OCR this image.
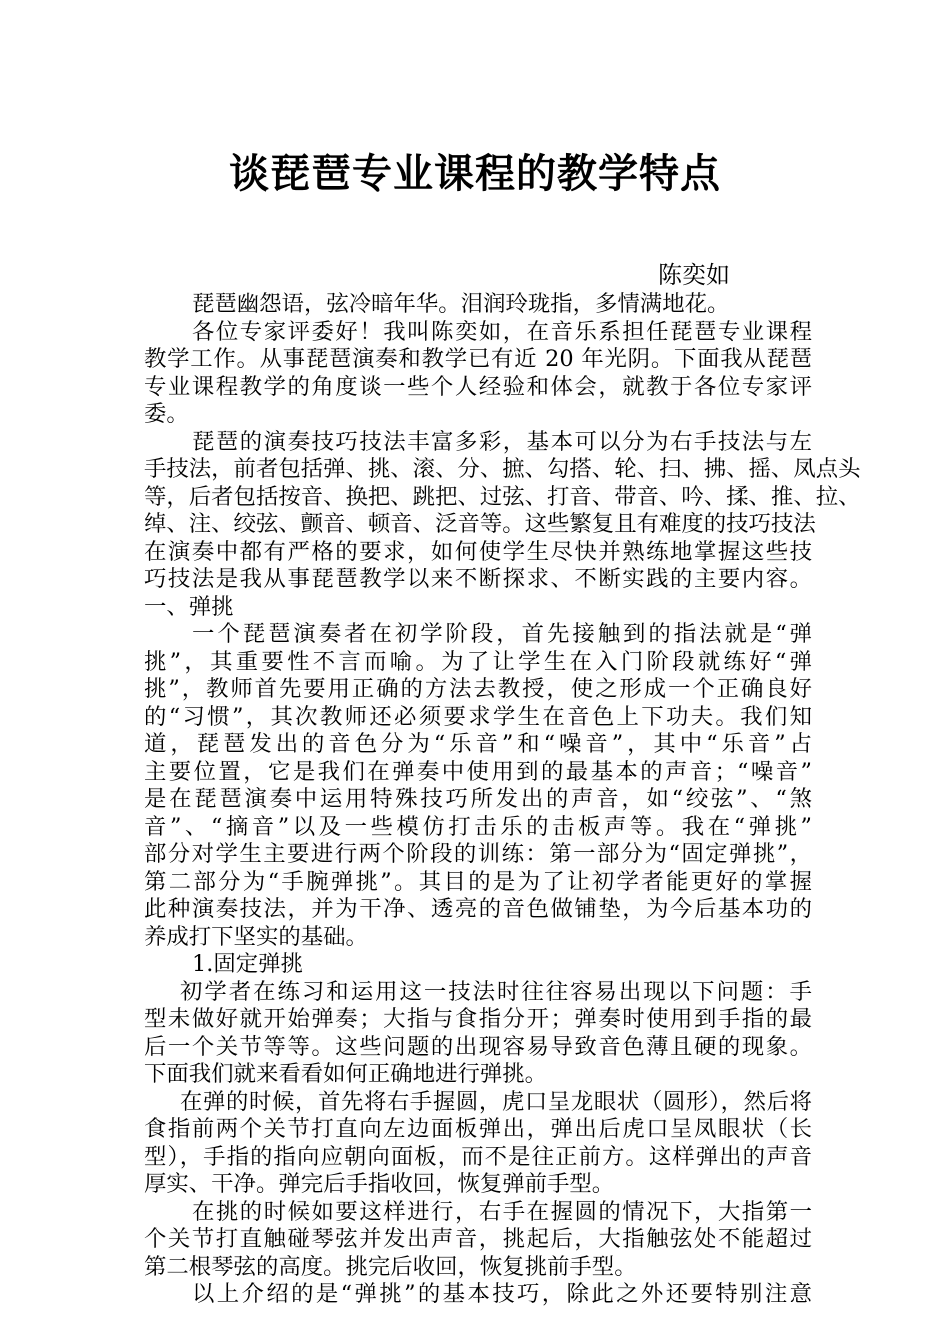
谈琵琶专业课程的教学特点
陈奕如
琵琶幽怨语，弦冷暗年华。泪润玲珑指，多情满地花。
各位专家评委好！我叫陈奕如，在音乐系担任琵琶专业课程
教学工作。从事琵琶演奏和教学已有近 20 年光阴。下面我从琵琶
专业课程教学的角度谈一些个人经验和体会，就教于各位专家评
委。
琵琶的演奏技巧技法丰富多彩，基本可以分为右手技法与左
手技法，前者包括弹、挑、滚、分、摭、勾搭、轮、扫、拂、摇、凤点头
等，后者包括按音、换把、跳把、过弦、打音、带音、吟、揉、推、拉、
绰、注、绞弦、颤音、顿音、泛音等。这些繁复且有难度的技巧技法
在演奏中都有严格的要求，如何使学生尽快并熟练地掌握这些技
巧技法是我从事琵琶教学以来不断探求、不断实践的主要内容。
一、弹挑
一个琵琶演奏者在初学阶段，首先接触到的指法就是“弹
挑”，其重要性不言而喻。为了让学生在入门阶段就练好“弹
挑”，教师首先要用正确的方法去教授，使之形成一个正确良好
的“习惯”，其次教师还必须要求学生在音色上下功夫。我们知
道，琵琶发出的音色分为“乐音”和“噪音”，其中“乐音”占
主要位置，它是我们在弹奏中使用到的最基本的声音；“噪音”
是在琵琶演奏中运用特殊技巧所发出的声音，如“绞弦”、“煞
音”、“摘音”以及一些模仿打击乐的击板声等。我在“弹挑”
部分对学生主要进行两个阶段的训练：第一部分为“固定弹挑”，
第二部分为“手腕弹挑”。其目的是为了让初学者能更好的掌握
此种演奏技法，并为干净、透亮的音色做铺垫，为今后基本功的
养成打下坚实的基础。
1.固定弹挑
初学者在练习和运用这一技法时往往容易出现以下问题：手
型未做好就开始弹奏；大指与食指分开；弹奏时使用到手指的最
后一个关节等等。这些问题的出现容易导致音色薄且硬的现象。
下面我们就来看看如何正确地进行弹挑。
在弹的时候，首先将右手握圆，虎口呈龙眼状（圆形），然后将
食指前两个关节打直向左边面板弹出，弹出后虎口呈凤眼状（长
型），手指的指向应朝向面板，而不是往正前方。这样弹出的声音
厚实、干净。弹完后手指收回，恢复弹前手型。
在挑的时候如要这样进行，右手在握圆的情况下，大指第一
个关节打直触碰琴弦并发出声音，挑起后，大指触弦处不能超过
第二根琴弦的高度。挑完后收回，恢复挑前手型。
以上介绍的是“弹挑”的基本技巧，除此之外还要特别注意
